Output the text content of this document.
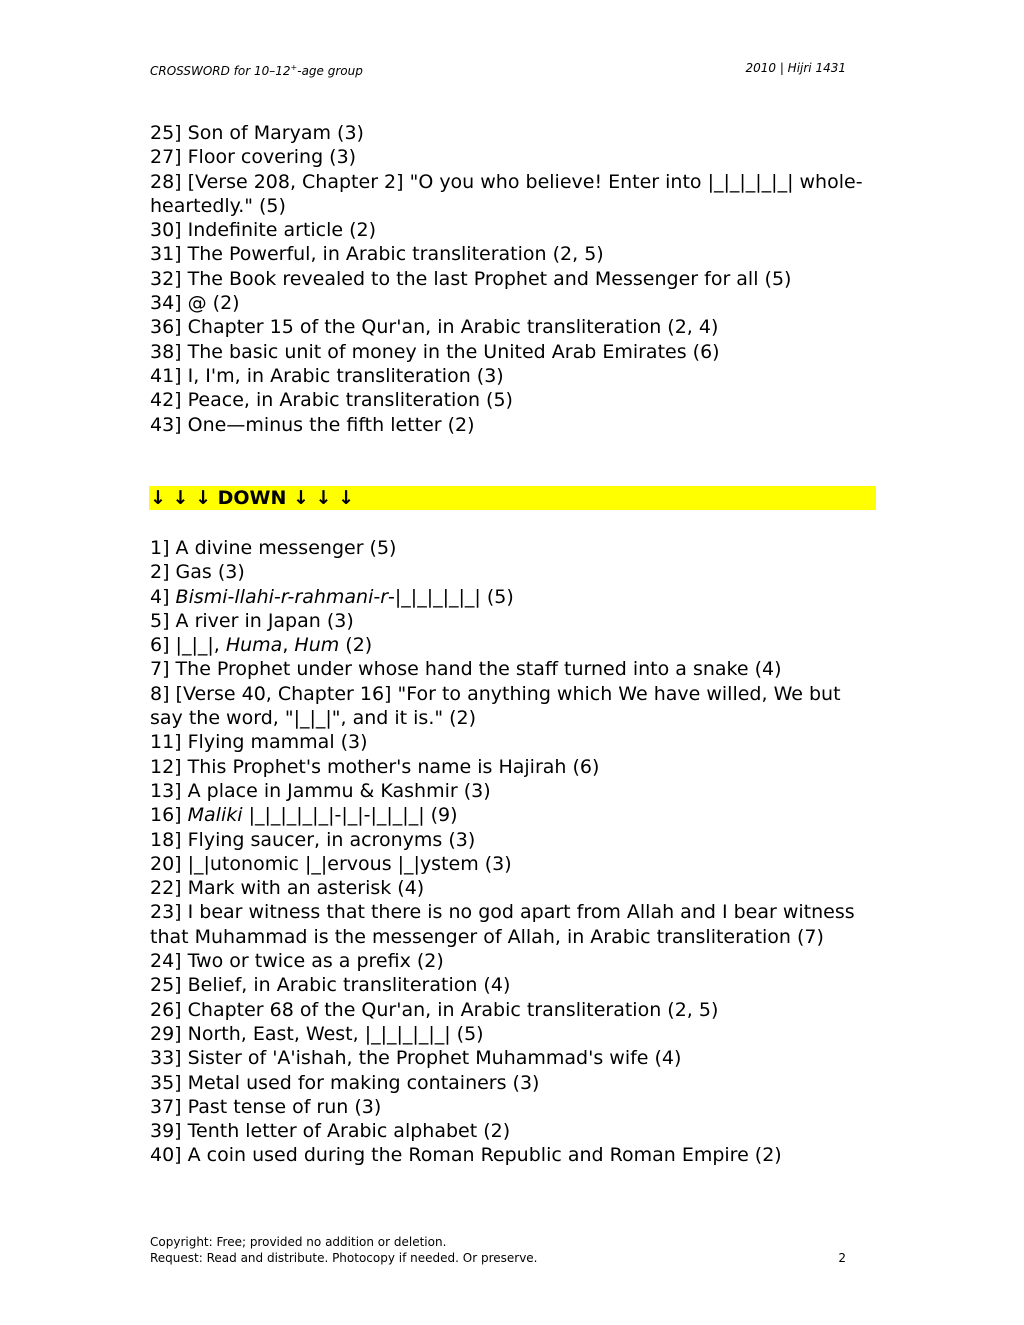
CROSSWORD for 10–12+-age group	2010 | Hijri 1431

25] Son of Maryam (3)

27] Floor covering (3)

28] [Verse 208, Chapter 2] "O you who believe! Enter into |_|_|_|_|_| whole-heartedly." (5)

30] Indefinite article (2)

31] The Powerful, in Arabic transliteration (2, 5)

32] The Book revealed to the last Prophet and Messenger for all (5)

34] @ (2)

36] Chapter 15 of the Qur'an, in Arabic transliteration (2, 4)

38] The basic unit of money in the United Arab Emirates (6)

41] I, I'm, in Arabic transliteration (3)

42] Peace, in Arabic transliteration (5)

43] One—minus the fifth letter (2)

↓ ↓ ↓ DOWN ↓ ↓ ↓

1] A divine messenger (5)

2] Gas (3)

4] Bismi-llahi-r-rahmani-r-|_|_|_|_|_| (5)

5] A river in Japan (3)

6] |_|_|, Huma, Hum (2)

7] The Prophet under whose hand the staff turned into a snake (4)

8] [Verse 40, Chapter 16] "For to anything which We have willed, We but say the word, "|_|_|", and it is." (2)

11] Flying mammal (3)

12] This Prophet's mother's name is Hajirah (6)

13] A place in Jammu & Kashmir (3)

16] Maliki |_|_|_|_|_|-|_|-|_|_|_| (9)

18] Flying saucer, in acronyms (3)

20] |_|utonomic |_|ervous |_|ystem (3)

22] Mark with an asterisk (4)

23] I bear witness that there is no god apart from Allah and I bear witness that Muhammad is the messenger of Allah, in Arabic transliteration (7)

24] Two or twice as a prefix (2)

25] Belief, in Arabic transliteration (4)

26] Chapter 68 of the Qur'an, in Arabic transliteration (2, 5)

29] North, East, West, |_|_|_|_|_| (5)

33] Sister of 'A'ishah, the Prophet Muhammad's wife (4)

35] Metal used for making containers (3)

37] Past tense of run (3)

39] Tenth letter of Arabic alphabet (2)

40] A coin used during the Roman Republic and Roman Empire (2)

Copyright: Free; provided no addition or deletion.
Request: Read and distribute. Photocopy if needed. Or preserve.	2
